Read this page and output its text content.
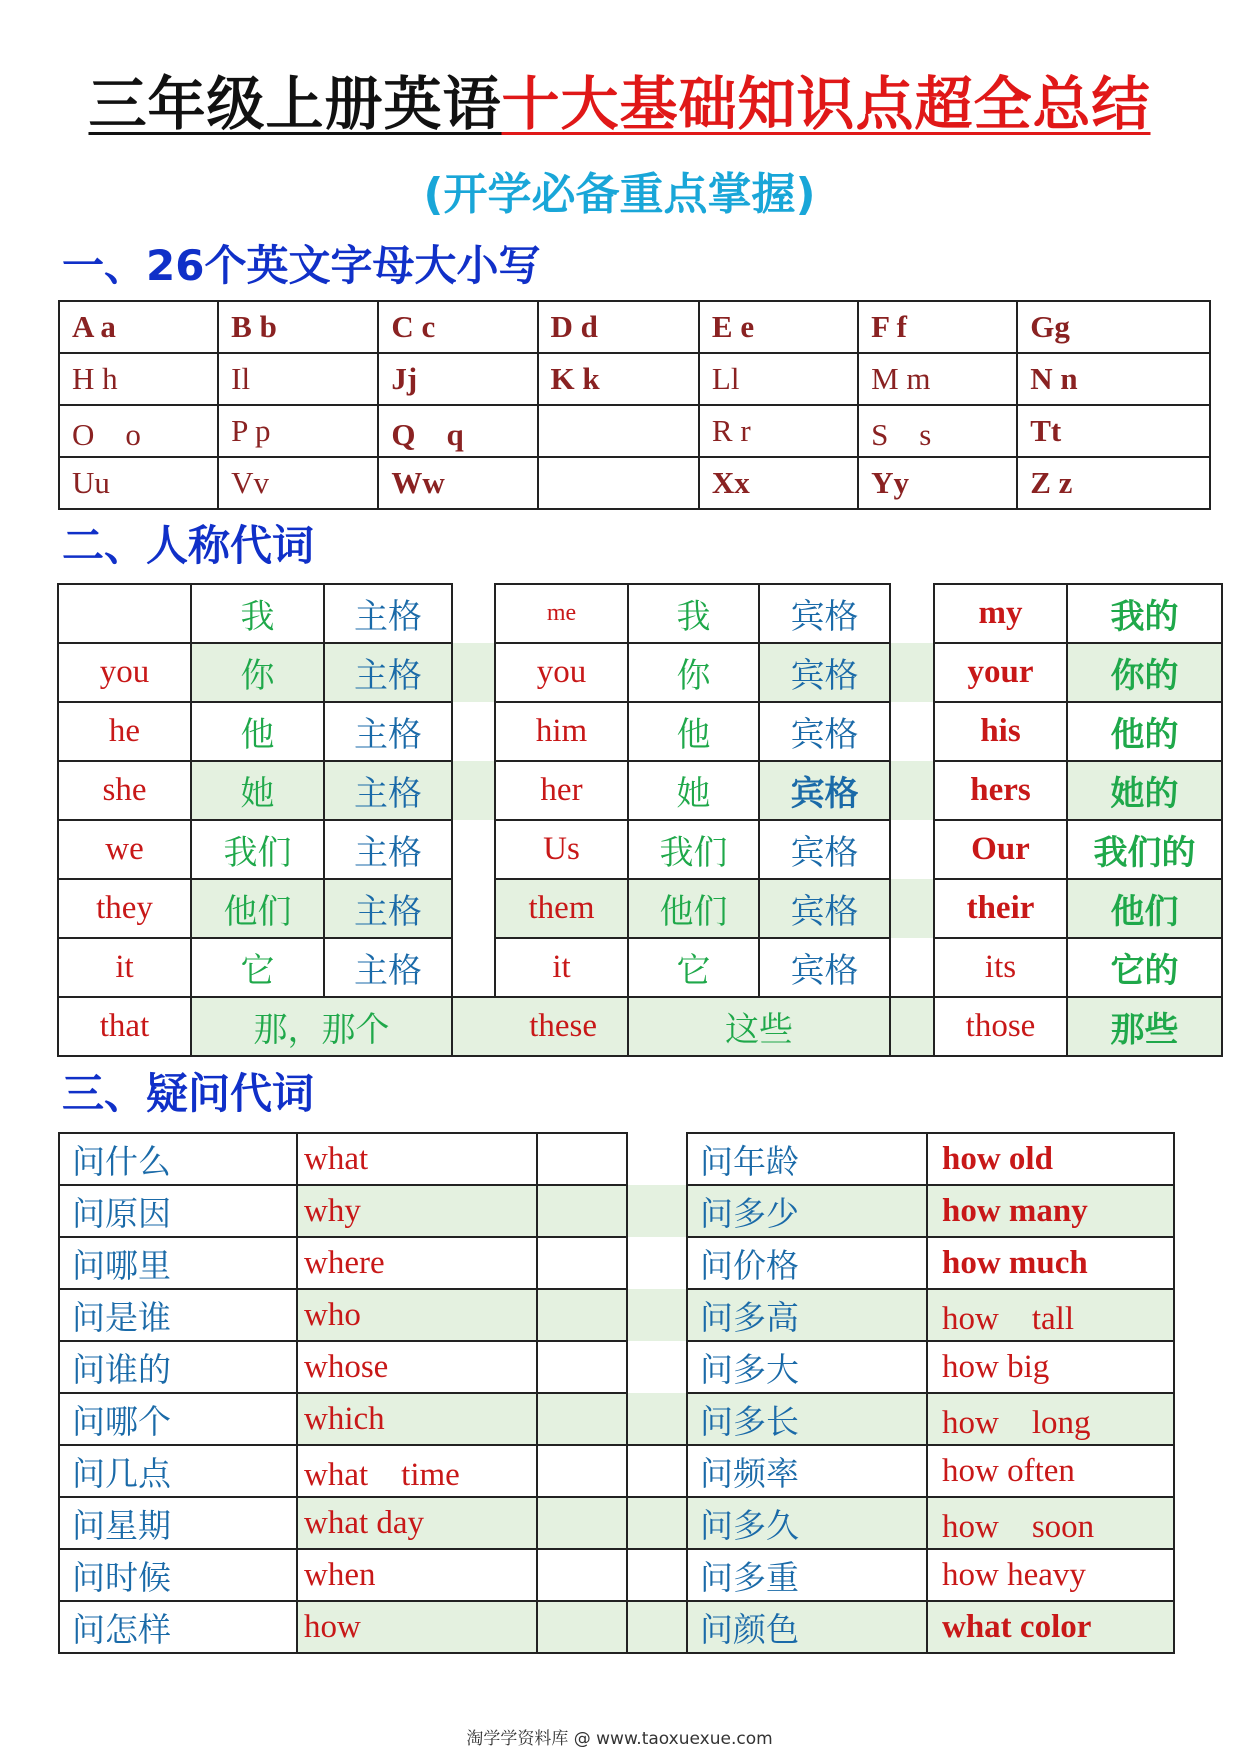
三年级上册英语十大基础知识点超全总结
(开学必备重点掌握)
一、26个英文字母大小写
A a	B b	C c	D d	E e	F f	Gg
H h	Il	Jj	K k	Ll	M m	N n
O　o	P p	Q　q		R r	S　s	Tt
Uu	Vv	Ww		Xx	Yy	Z z
二、人称代词
	我	主格		me	我	宾格		my	我的
you	你	主格		you	你	宾格		your	你的
he	他	主格		him	他	宾格		his	他的
she	她	主格		her	她	宾格		hers	她的
we	我们	主格		Us	我们	宾格		Our	我们的
they	他们	主格		them	他们	宾格		their	他们
it	它	主格		it	它	宾格		its	它的
that	那，那个		these		这些			those	那些
三、疑问代词
问什么	what			问年龄	how old
问原因	why			问多少	how many
问哪里	where			问价格	how much
问是谁	who			问多高	how　tall
问谁的	whose			问多大	how big
问哪个	which			问多长	how　long
问几点	what　time			问频率	how often
问星期	what day			问多久	how　soon
问时候	when			问多重	how heavy
问怎样	how			问颜色	what color
淘学学资料库 @ www.taoxuexue.com
